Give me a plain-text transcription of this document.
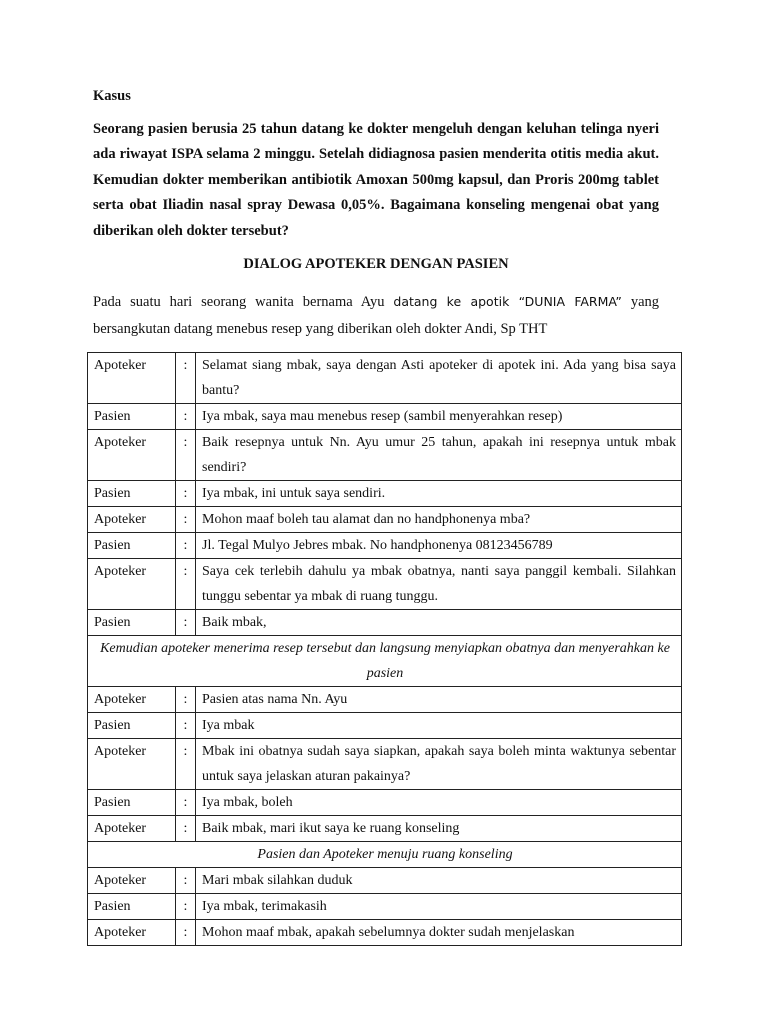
Kasus

Seorang pasien berusia 25 tahun datang ke dokter mengeluh dengan keluhan telinga nyeri ada riwayat ISPA selama 2 minggu. Setelah didiagnosa pasien menderita otitis media akut. Kemudian dokter memberikan antibiotik Amoxan 500mg kapsul, dan Proris 200mg tablet serta obat Iliadin nasal spray Dewasa 0,05%. Bagaimana konseling mengenai obat yang diberikan oleh dokter tersebut?

DIALOG APOTEKER DENGAN PASIEN

Pada suatu hari seorang wanita bernama Ayu datang ke apotik “DUNIA FARMA” yang bersangkutan datang menebus resep yang diberikan oleh dokter Andi, Sp THT

Apoteker	:	Selamat siang mbak, saya dengan Asti apoteker di apotek ini. Ada yang bisa saya bantu?
Pasien	:	Iya mbak, saya mau menebus resep (sambil menyerahkan resep)
Apoteker	:	Baik resepnya untuk Nn. Ayu umur 25 tahun, apakah ini resepnya untuk mbak sendiri?
Pasien	:	Iya mbak, ini untuk saya sendiri.
Apoteker	:	Mohon maaf boleh tau alamat dan no handphonenya mba?
Pasien	:	Jl. Tegal Mulyo Jebres mbak. No handphonenya 08123456789
Apoteker	:	Saya cek terlebih dahulu ya mbak obatnya, nanti saya panggil kembali. Silahkan tunggu sebentar ya mbak di ruang tunggu.
Pasien	:	Baik mbak,
Kemudian apoteker menerima resep tersebut dan langsung menyiapkan obatnya dan menyerahkan ke pasien		
Apoteker	:	Pasien atas nama Nn. Ayu
Pasien	:	Iya mbak
Apoteker	:	Mbak ini obatnya sudah saya siapkan, apakah saya boleh minta waktunya sebentar untuk saya jelaskan aturan pakainya?
Pasien	:	Iya mbak, boleh
Apoteker	:	Baik mbak, mari ikut saya ke ruang konseling
Pasien dan Apoteker menuju ruang konseling		
Apoteker	:	Mari mbak silahkan duduk
Pasien	:	Iya mbak, terimakasih
Apoteker	:	Mohon maaf mbak, apakah sebelumnya dokter sudah menjelaskan
